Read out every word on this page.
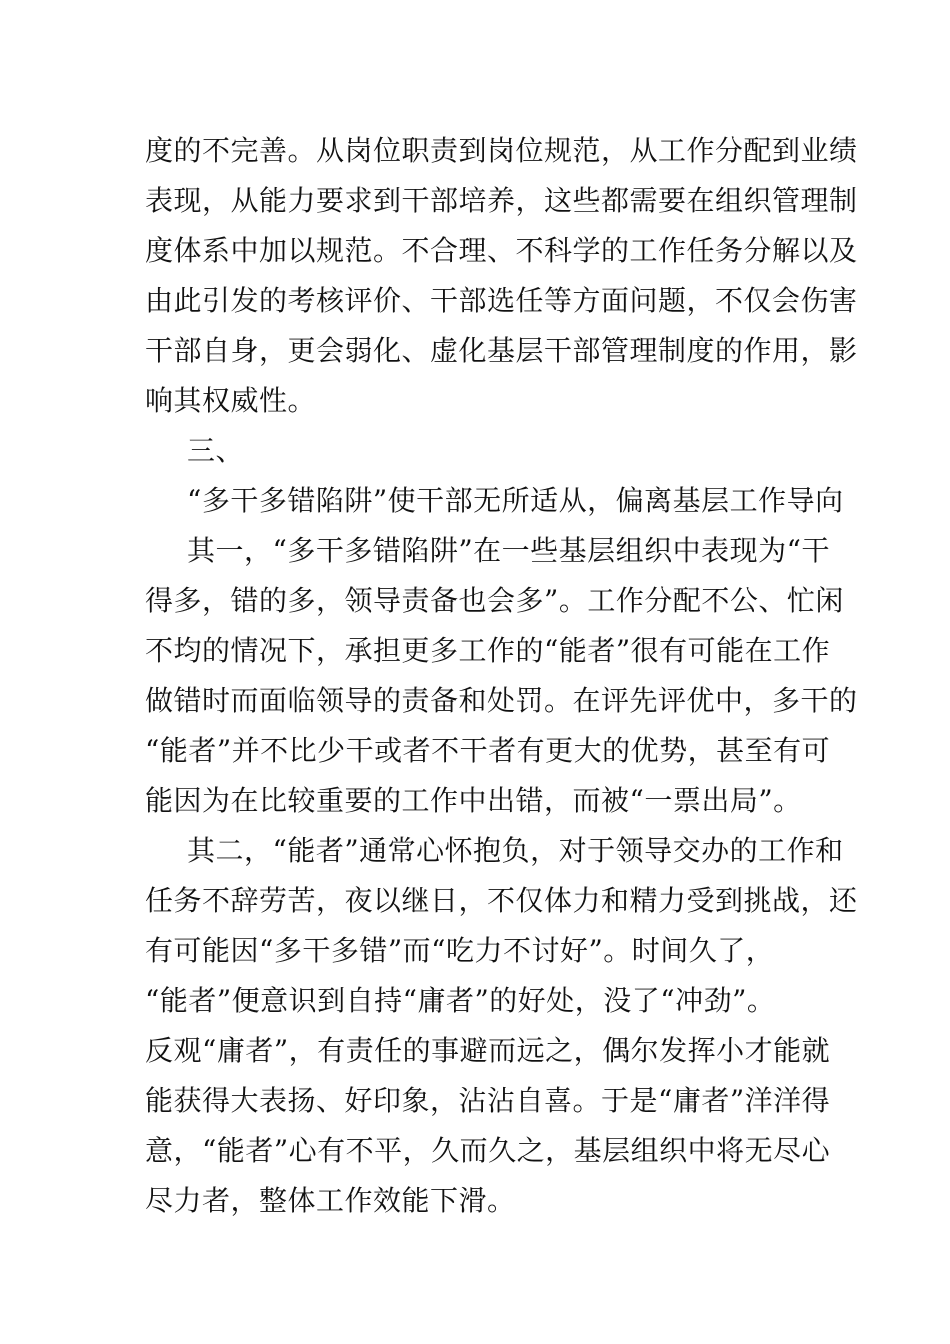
度的不完善。从岗位职责到岗位规范，从工作分配到业绩
表现，从能力要求到干部培养，这些都需要在组织管理制
度体系中加以规范。不合理、不科学的工作任务分解以及
由此引发的考核评价、干部选任等方面问题，不仅会伤害
干部自身，更会弱化、虚化基层干部管理制度的作用，影
响其权威性。
三、
“多干多错陷阱”使干部无所适从，偏离基层工作导向
其一，“多干多错陷阱”在一些基层组织中表现为“干
得多，错的多，领导责备也会多”。工作分配不公、忙闲
不均的情况下，承担更多工作的“能者”很有可能在工作
做错时而面临领导的责备和处罚。在评先评优中，多干的
“能者”并不比少干或者不干者有更大的优势，甚至有可
能因为在比较重要的工作中出错，而被“一票出局”。
其二，“能者”通常心怀抱负，对于领导交办的工作和
任务不辞劳苦，夜以继日，不仅体力和精力受到挑战，还
有可能因“多干多错”而“吃力不讨好”。时间久了，
“能者”便意识到自持“庸者”的好处，没了“冲劲”。
反观“庸者”，有责任的事避而远之，偶尔发挥小才能就
能获得大表扬、好印象，沾沾自喜。于是“庸者”洋洋得
意，“能者”心有不平，久而久之，基层组织中将无尽心
尽力者，整体工作效能下滑。
